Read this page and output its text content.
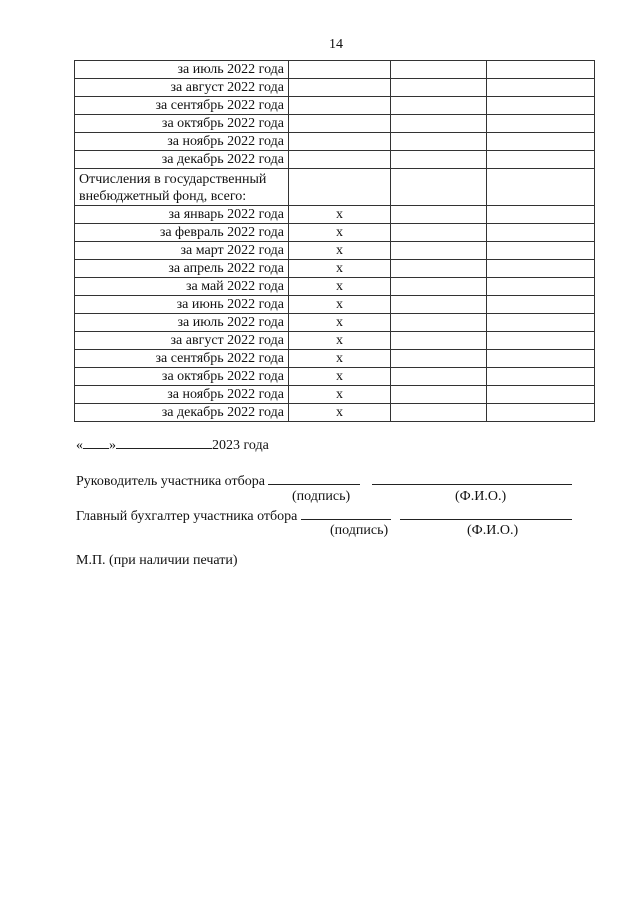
14
за июль 2022 года			
за август 2022 года			
за сентябрь 2022 года			
за октябрь 2022 года			
за ноябрь 2022 года			
за декабрь 2022 года			
Отчисления в государственный внебюджетный фонд, всего:			
за январь 2022 года	x		
за февраль 2022 года	x		
за март 2022 года	x		
за апрель 2022 года	x		
за май 2022 года	x		
за июнь 2022 года	x		
за июль 2022 года	x		
за август 2022 года	x		
за сентябрь 2022 года	x		
за октябрь 2022 года	x		
за ноябрь 2022 года	x		
за декабрь 2022 года	x		
« »	2023 года
Руководитель участника отбора
(подпись)	(Ф.И.О.)
Главный бухгалтер участника отбора
(подпись)	(Ф.И.О.)
М.П. (при наличии печати)
